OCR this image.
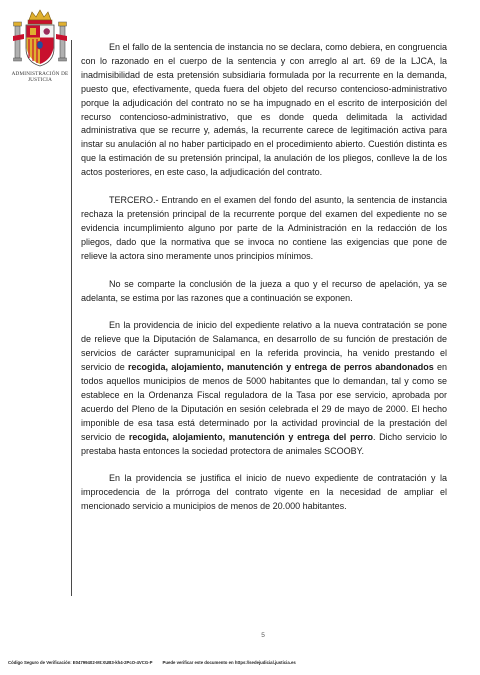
ADMINISTRACIÓN DE JUSTICIA

En el fallo de la sentencia de instancia no se declara, como debiera, en congruencia con lo razonado en el cuerpo de la sentencia y con arreglo al art. 69 de la LJCA, la inadmisibilidad de esta pretensión subsidiaria formulada por la recurrente en la demanda, puesto que, efectivamente, queda fuera del objeto del recurso contencioso-administrativo porque la adjudicación del contrato no se ha impugnado en el escrito de interposición del recurso contencioso-administrativo, que es donde queda delimitada la actividad administrativa que se recurre y, además, la recurrente carece de legitimación activa para instar su anulación al no haber participado en el procedimiento abierto. Cuestión distinta es que la estimación de su pretensión principal, la anulación de los pliegos, conlleve la de los actos posteriores, en este caso, la adjudicación del contrato.

TERCERO.- Entrando en el examen del fondo del asunto, la sentencia de instancia rechaza la pretensión principal de la recurrente porque del examen del expediente no se evidencia incumplimiento alguno por parte de la Administración en la redacción de los pliegos, dado que la normativa que se invoca no contiene las exigencias que pone de relieve la actora sino meramente unos principios mínimos.

No se comparte la conclusión de la jueza a quo y el recurso de apelación, ya se adelanta, se estima por las razones que a continuación se exponen.

En la providencia de inicio del expediente relativo a la nueva contratación se pone de relieve que la Diputación de Salamanca, en desarrollo de su función de prestación de servicios de carácter supramunicipal en la referida provincia, ha venido prestando el servicio de recogida, alojamiento, manutención y entrega de perros abandonados en todos aquellos municipios de menos de 5000 habitantes que lo demandan, tal y como se establece en la Ordenanza Fiscal reguladora de la Tasa por ese servicio, aprobada por acuerdo del Pleno de la Diputación en sesión celebrada el 29 de mayo de 2000. El hecho imponible de esa tasa está determinado por la actividad provincial de la prestación del servicio de recogida, alojamiento, manutención y entrega del perro. Dicho servicio lo prestaba hasta entonces la sociedad protectora de animales SCOOBY.

En la providencia se justifica el inicio de nuevo expediente de contratación y la improcedencia de la prórroga del contrato vigente en la necesidad de ampliar el mencionado servicio a municipios de menos de 20.000 habitantes.

5
Código Seguro de Verificación: E04799402-MI:XUB3-kh4-2PcO-4VCG-P Puede verificar este documento en https://sedejudicial.justicia.es
